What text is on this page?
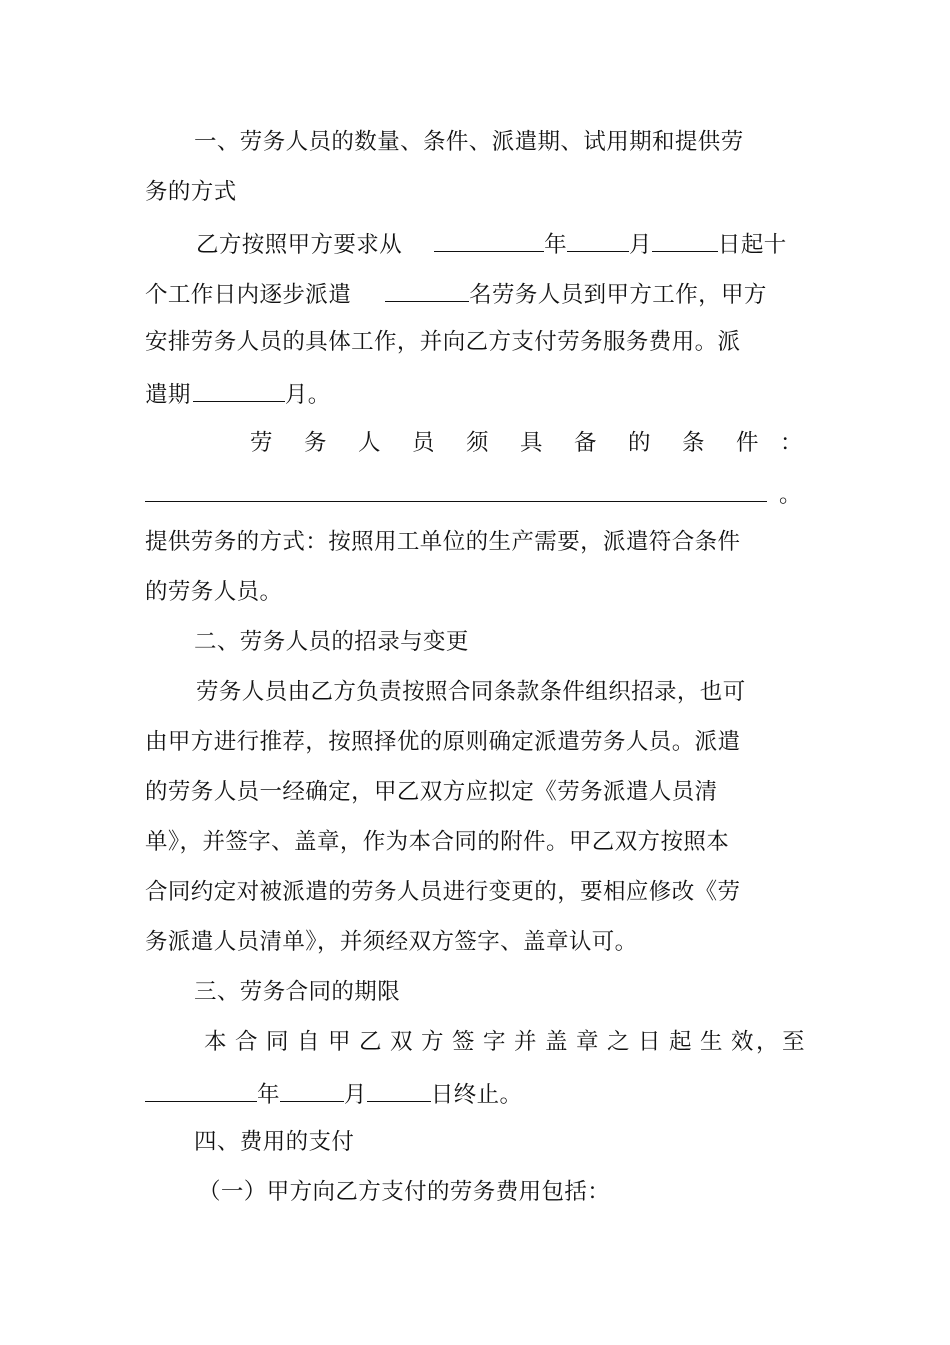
一、劳务人员的数量、条件、派遣期、试用期和提供劳
务的方式
乙方按照甲方要求从	年	月	日起十
个工作日内逐步派遣	名劳务人员到甲方工作，甲方
安排劳务人员的具体工作，并向乙方支付劳务服务费用。派
遣期	月。
劳 务 人 员 须 具 备 的 条 件 ：
。
提供劳务的方式：按照用工单位的生产需要，派遣符合条件
的劳务人员。
二、劳务人员的招录与变更
劳务人员由乙方负责按照合同条款条件组织招录，也可
由甲方进行推荐，按照择优的原则确定派遣劳务人员。派遣
的劳务人员一经确定，甲乙双方应拟定《劳务派遣人员清
单》，并签字、盖章，作为本合同的附件。甲乙双方按照本
合同约定对被派遣的劳务人员进行变更的，要相应修改《劳
务派遣人员清单》，并须经双方签字、盖章认可。
三、劳务合同的期限
本 合 同 自 甲 乙 双 方 签 字 并 盖 章 之 日 起 生 效 ， 至
年	月	日终止。
四、费用的支付
（一）甲方向乙方支付的劳务费用包括：
